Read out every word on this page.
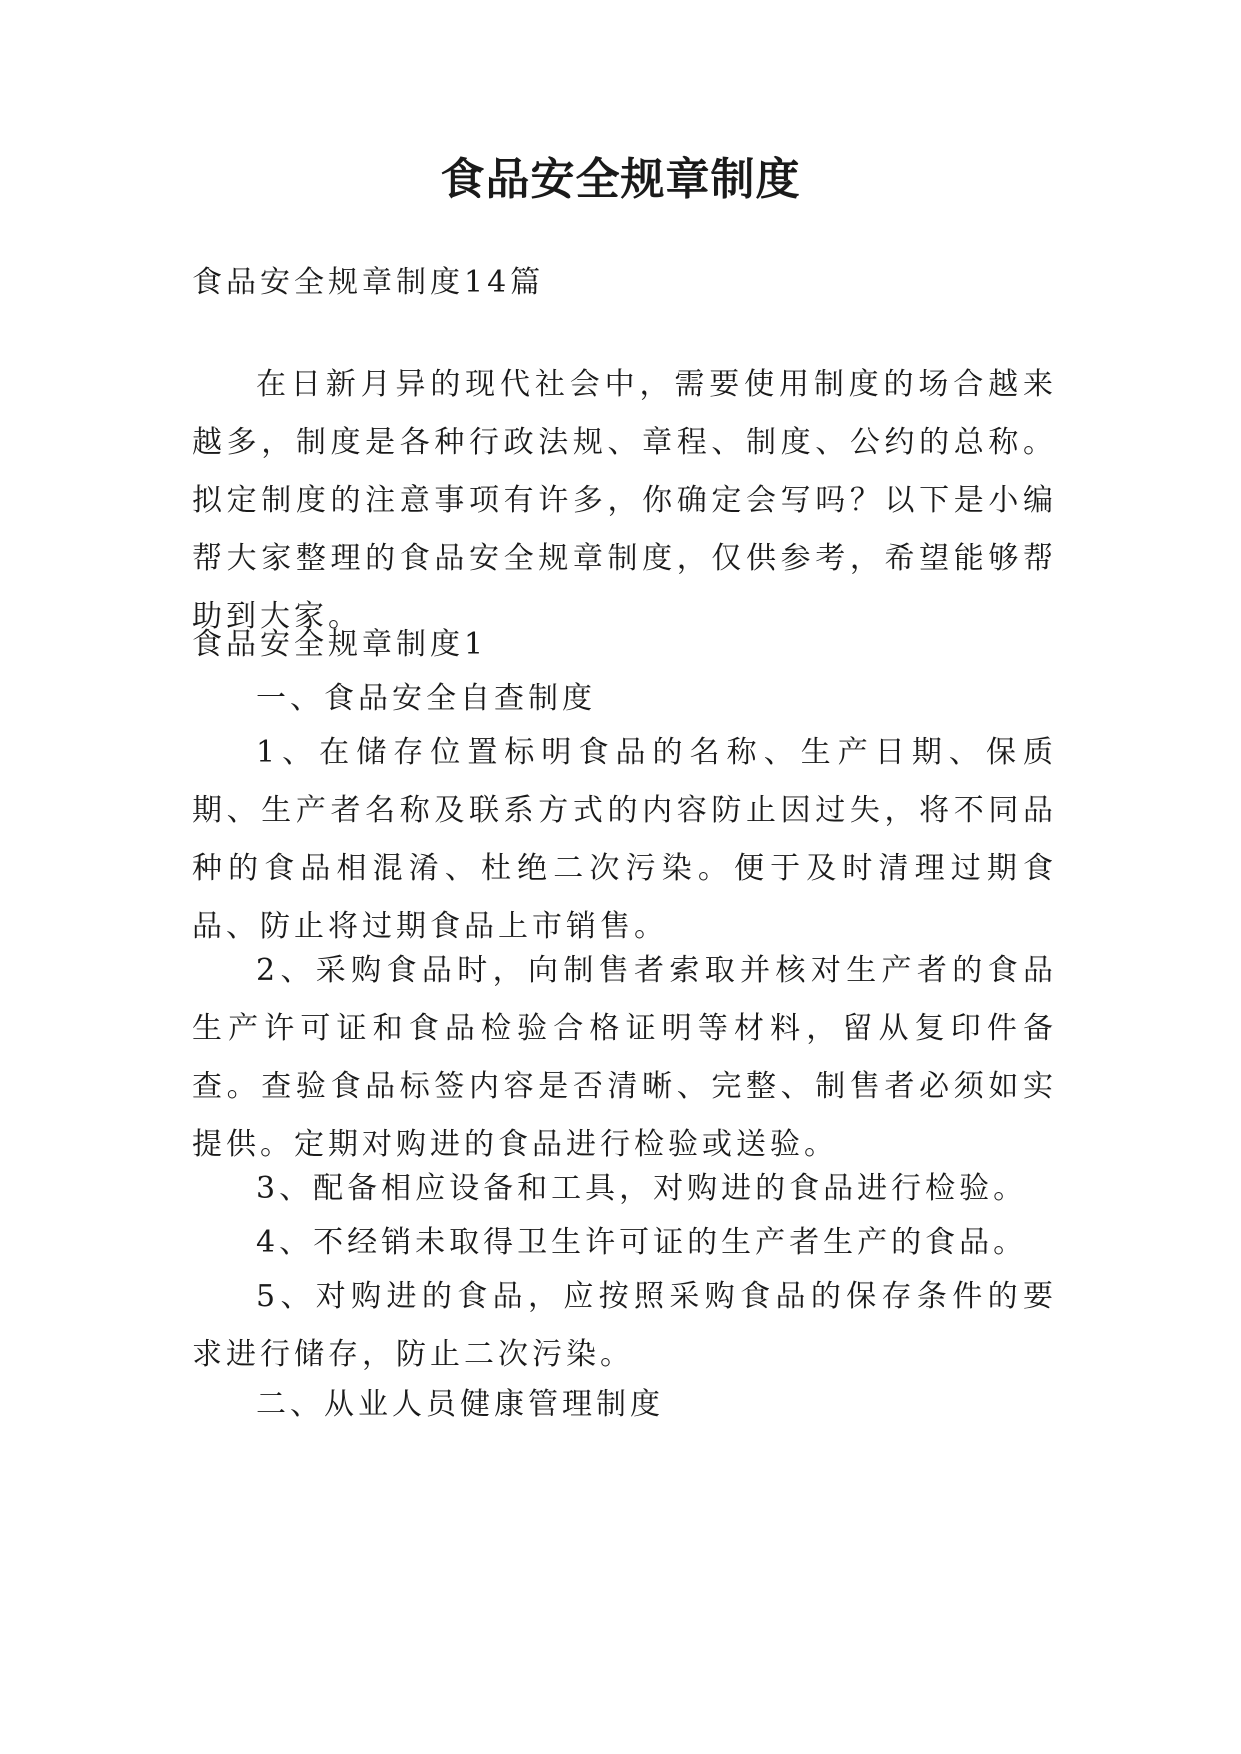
食品安全规章制度

食品安全规章制度14篇

在日新月异的现代社会中，需要使用制度的场合越来越多，制度是各种行政法规、章程、制度、公约的总称。拟定制度的注意事项有许多，你确定会写吗？以下是小编帮大家整理的食品安全规章制度，仅供参考，希望能够帮助到大家。

食品安全规章制度1

一、食品安全自查制度

1、在储存位置标明食品的名称、生产日期、保质期、生产者名称及联系方式的内容防止因过失，将不同品种的食品相混淆、杜绝二次污染。便于及时清理过期食品、防止将过期食品上市销售。

2、采购食品时，向制售者索取并核对生产者的食品生产许可证和食品检验合格证明等材料，留从复印件备查。查验食品标签内容是否清晰、完整、制售者必须如实提供。定期对购进的食品进行检验或送验。

3、配备相应设备和工具，对购进的食品进行检验。

4、不经销未取得卫生许可证的生产者生产的食品。

5、对购进的食品，应按照采购食品的保存条件的要求进行储存，防止二次污染。

二、从业人员健康管理制度
